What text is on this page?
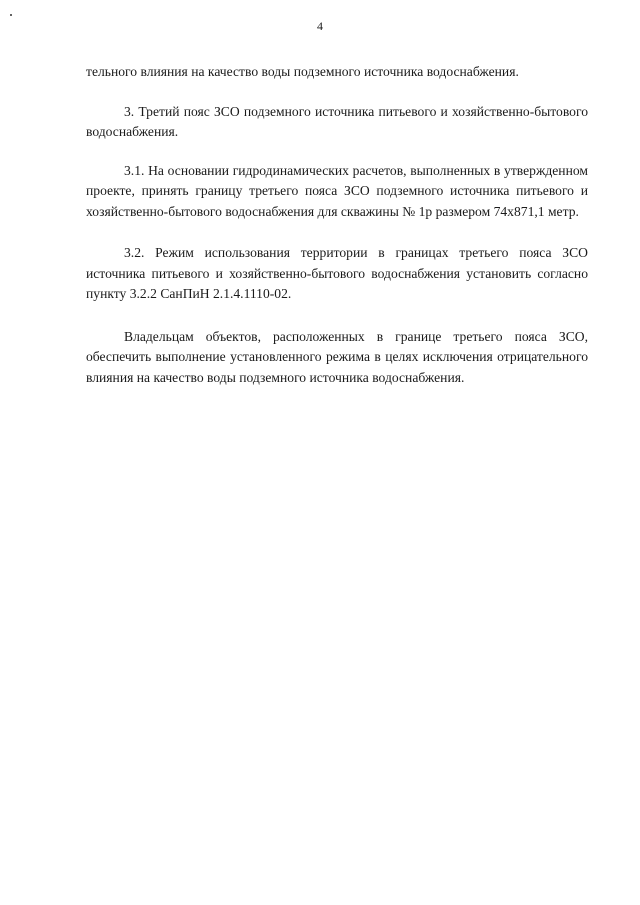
4

тельного влияния на качество воды подземного источника водоснабжения.

3. Третий пояс ЗСО подземного источника питьевого и хозяйственно-бытового водоснабжения.

3.1. На основании гидродинамических расчетов, выполненных в утвержденном проекте, принять границу третьего пояса ЗСО подземного источника питьевого и хозяйственно-бытового водоснабжения для скважины № 1р размером 74х871,1 метр.

3.2. Режим использования территории в границах третьего пояса ЗСО источника питьевого и хозяйственно-бытового водоснабжения установить согласно пункту 3.2.2 СанПиН 2.1.4.1110-02.

Владельцам объектов, расположенных в границе третьего пояса ЗСО, обеспечить выполнение установленного режима в целях исключения отрицательного влияния на качество воды подземного источника водоснабжения.
